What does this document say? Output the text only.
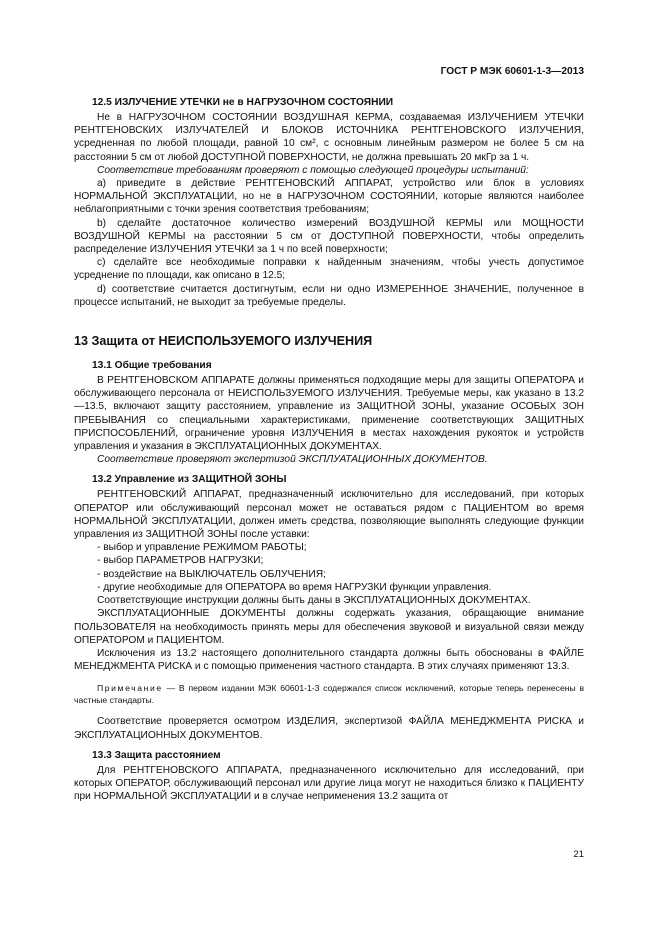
ГОСТ Р МЭК 60601-1-3—2013
12.5 ИЗЛУЧЕНИЕ УТЕЧКИ не в НАГРУЗОЧНОМ СОСТОЯНИИ

Не в НАГРУЗОЧНОМ СОСТОЯНИИ ВОЗДУШНАЯ КЕРМА, создаваемая ИЗЛУЧЕНИЕМ УТЕЧКИ РЕНТГЕНОВСКИХ ИЗЛУЧАТЕЛЕЙ И БЛОКОВ ИСТОЧНИКА РЕНТГЕНОВСКОГО ИЗЛУЧЕНИЯ, усредненная по любой площади, равной 10 см², с основным линейным размером не более 5 см на расстоянии 5 см от любой ДОСТУПНОЙ ПОВЕРХНОСТИ, не должна превышать 20 мкГр за 1 ч.

Соответствие требованиям проверяют с помощью следующей процедуры испытаний:

a) приведите в действие РЕНТГЕНОВСКИЙ АППАРАТ, устройство или блок в условиях НОРМАЛЬНОЙ ЭКСПЛУАТАЦИИ, но не в НАГРУЗОЧНОМ СОСТОЯНИИ, которые являются наиболее неблагоприятными с точки зрения соответствия требованиям;

b) сделайте достаточное количество измерений ВОЗДУШНОЙ КЕРМЫ или МОЩНОСТИ ВОЗДУШНОЙ КЕРМЫ на расстоянии 5 см от ДОСТУПНОЙ ПОВЕРХНОСТИ, чтобы определить распределение ИЗЛУЧЕНИЯ УТЕЧКИ за 1 ч по всей поверхности;

c) сделайте все необходимые поправки к найденным значениям, чтобы учесть допустимое усреднение по площади, как описано в 12.5;

d) соответствие считается достигнутым, если ни одно ИЗМЕРЕННОЕ ЗНАЧЕНИЕ, полученное в процессе испытаний, не выходит за требуемые пределы.

13 Защита от НЕИСПОЛЬЗУЕМОГО ИЗЛУЧЕНИЯ
13.1 Общие требования

В РЕНТГЕНОВСКОМ АППАРАТЕ должны применяться подходящие меры для защиты ОПЕРАТОРА и обслуживающего персонала от НЕИСПОЛЬЗУЕМОГО ИЗЛУЧЕНИЯ. Требуемые меры, как указано в 13.2—13.5, включают защиту расстоянием, управление из ЗАЩИТНОЙ ЗОНЫ, указание ОСОБЫХ ЗОН ПРЕБЫВАНИЯ со специальными характеристиками, применение соответствующих ЗАЩИТНЫХ ПРИСПОСОБЛЕНИЙ, ограничение уровня ИЗЛУЧЕНИЯ в местах нахождения рукояток и устройств управления и указания в ЭКСПЛУАТАЦИОННЫХ ДОКУМЕНТАХ.

Соответствие проверяют экспертизой ЭКСПЛУАТАЦИОННЫХ ДОКУМЕНТОВ.

13.2 Управление из ЗАЩИТНОЙ ЗОНЫ

РЕНТГЕНОВСКИЙ АППАРАТ, предназначенный исключительно для исследований, при которых ОПЕРАТОР или обслуживающий персонал может не оставаться рядом с ПАЦИЕНТОМ во время НОРМАЛЬНОЙ ЭКСПЛУАТАЦИИ, должен иметь средства, позволяющие выполнять следующие функции управления из ЗАЩИТНОЙ ЗОНЫ после уставки:

- выбор и управление РЕЖИМОМ РАБОТЫ;

- выбор ПАРАМЕТРОВ НАГРУЗКИ;

- воздействие на ВЫКЛЮЧАТЕЛЬ ОБЛУЧЕНИЯ;

- другие необходимые для ОПЕРАТОРА во время НАГРУЗКИ функции управления.

Соответствующие инструкции должны быть даны в ЭКСПЛУАТАЦИОННЫХ ДОКУМЕНТАХ.

ЭКСПЛУАТАЦИОННЫЕ ДОКУМЕНТЫ должны содержать указания, обращающие внимание ПОЛЬЗОВАТЕЛЯ на необходимость принять меры для обеспечения звуковой и визуальной связи между ОПЕРАТОРОМ и ПАЦИЕНТОМ.

Исключения из 13.2 настоящего дополнительного стандарта должны быть обоснованы в ФАЙЛЕ МЕНЕДЖМЕНТА РИСКА и с помощью применения частного стандарта. В этих случаях применяют 13.3.

Примечание — В первом издании МЭК 60601-1-3 содержался список исключений, которые теперь перенесены в частные стандарты.

Соответствие проверяется осмотром ИЗДЕЛИЯ, экспертизой ФАЙЛА МЕНЕДЖМЕНТА РИСКА и ЭКСПЛУАТАЦИОННЫХ ДОКУМЕНТОВ.

13.3 Защита расстоянием

Для РЕНТГЕНОВСКОГО АППАРАТА, предназначенного исключительно для исследований, при которых ОПЕРАТОР, обслуживающий персонал или другие лица могут не находиться близко к ПАЦИЕНТУ при НОРМАЛЬНОЙ ЭКСПЛУАТАЦИИ и в случае неприменения 13.2 защита от

21
